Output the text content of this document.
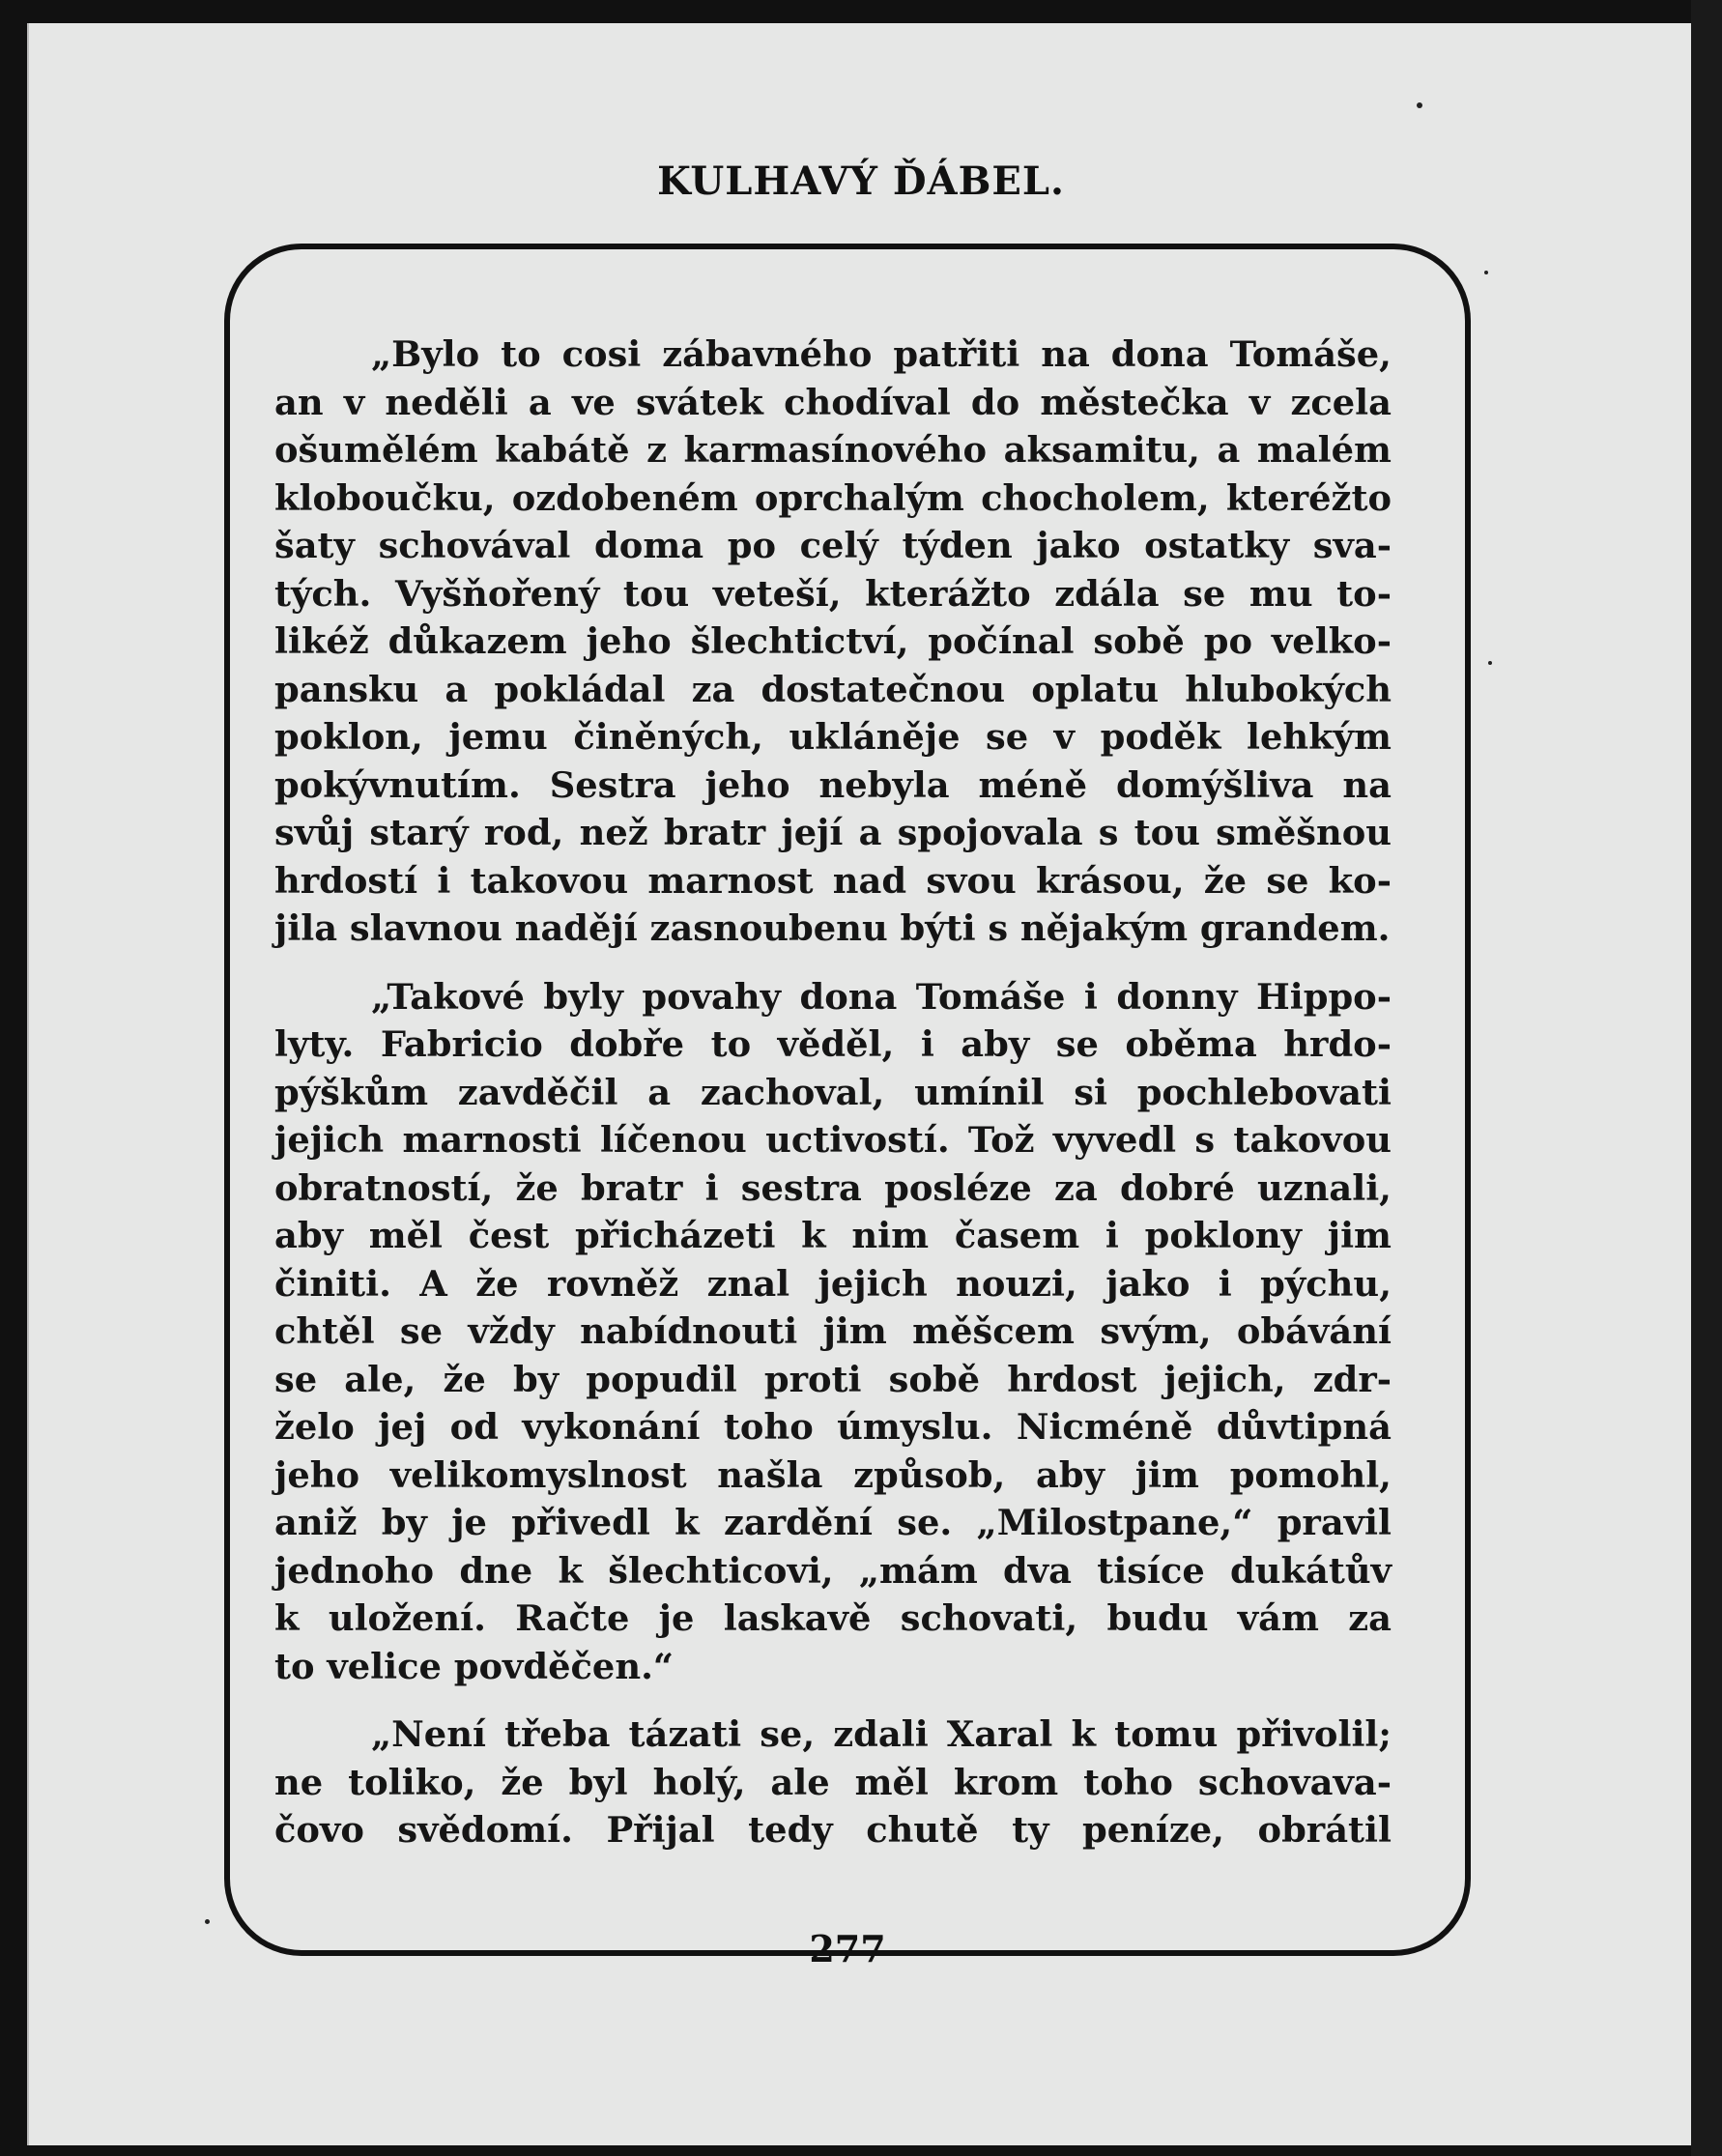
KULHAVÝ ĎÁBEL.
„Bylo to cosi zábavného patřiti na dona Tomáše,
an v neděli a ve svátek chodíval do městečka v zcela
ošumělém kabátě z karmasínového aksamitu, a malém
kloboučku, ozdobeném oprchalým chocholem, kteréžto
šaty schovával doma po celý týden jako ostatky sva-
tých. Vyšňořený tou veteší, kterážto zdála se mu to-
likéž důkazem jeho šlechtictví, počínal sobě po velko-
pansku a pokládal za dostatečnou oplatu hlubokých
poklon, jemu činěných, ukláněje se v poděk lehkým
pokývnutím. Sestra jeho nebyla méně domýšliva na
svůj starý rod, než bratr její a spojovala s tou směšnou
hrdostí i takovou marnost nad svou krásou, že se ko-
jila slavnou nadějí zasnoubenu býti s nějakým grandem.
„Takové byly povahy dona Tomáše i donny Hippo-
lyty. Fabricio dobře to věděl, i aby se oběma hrdo-
pýškům zavděčil a zachoval, umínil si pochlebovati
jejich marnosti líčenou uctivostí. Tož vyvedl s takovou
obratností, že bratr i sestra posléze za dobré uznali,
aby měl čest přicházeti k nim časem i poklony jim
činiti. A že rovněž znal jejich nouzi, jako i pýchu,
chtěl se vždy nabídnouti jim měšcem svým, obávání
se ale, že by popudil proti sobě hrdost jejich, zdr-
želo jej od vykonání toho úmyslu. Nicméně důvtipná
jeho velikomyslnost našla způsob, aby jim pomohl,
aniž by je přivedl k zardění se. „Milostpane,“ pravil
jednoho dne k šlechticovi, „mám dva tisíce dukátův
k uložení. Račte je laskavě schovati, budu vám za
to velice povděčen.“
„Není třeba tázati se, zdali Xaral k tomu přivolil;
ne toliko, že byl holý, ale měl krom toho schovava-
čovo svědomí. Přijal tedy chutě ty peníze, obrátil
277
